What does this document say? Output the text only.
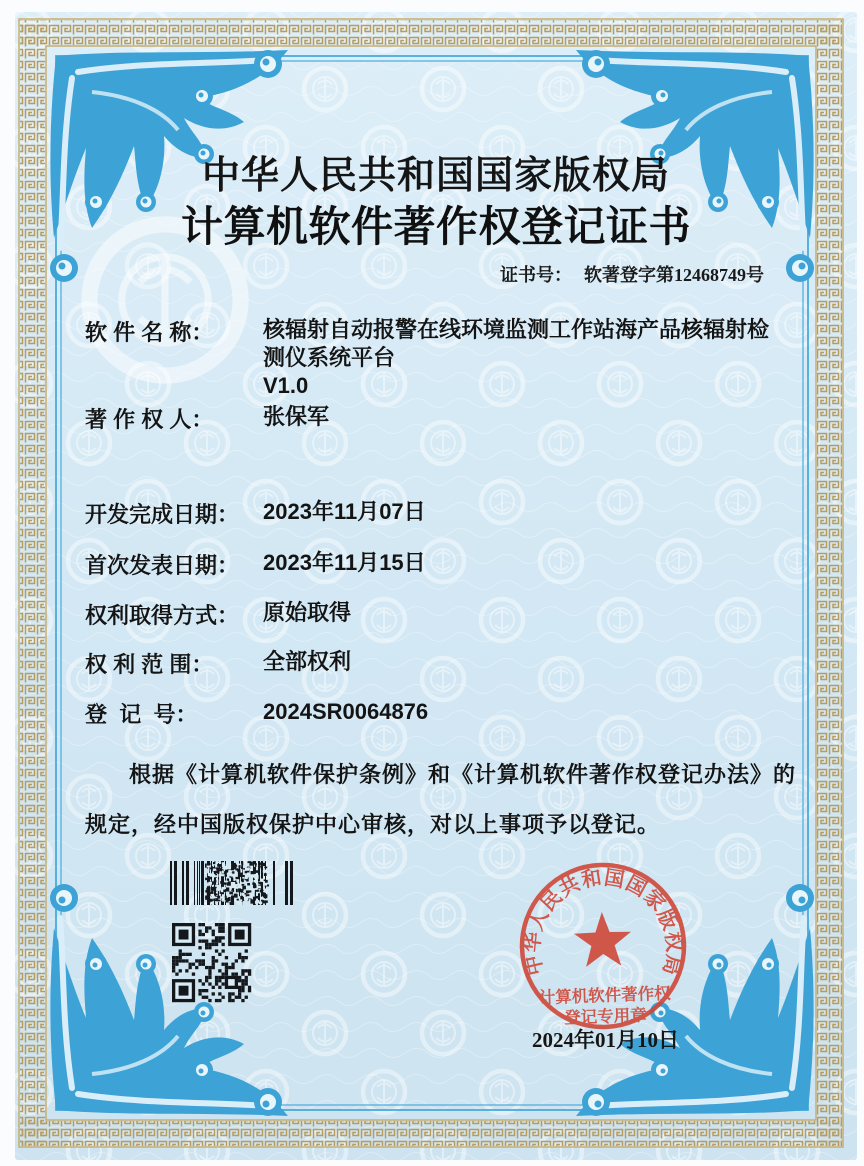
中华人民共和国国家版权局
计算机软件著作权登记证书
证书号： 软著登字第12468749号
软 件 名 称：	核辐射自动报警在线环境监测工作站海产品核辐射检测仪系统平台
V1.0
著 作 权 人：	张保军
开发完成日期：	2023年11月07日
首次发表日期：	2023年11月15日
权利取得方式：	原始取得
权 利 范 围：	全部权利
登  记  号：	2024SR0064876

根据《计算机软件保护条例》和《计算机软件著作权登记办法》的规定，经中国版权保护中心审核，对以上事项予以登记。

中华人民共和国国家版权局
计算机软件著作权
登记专用章
2024年01月10日
